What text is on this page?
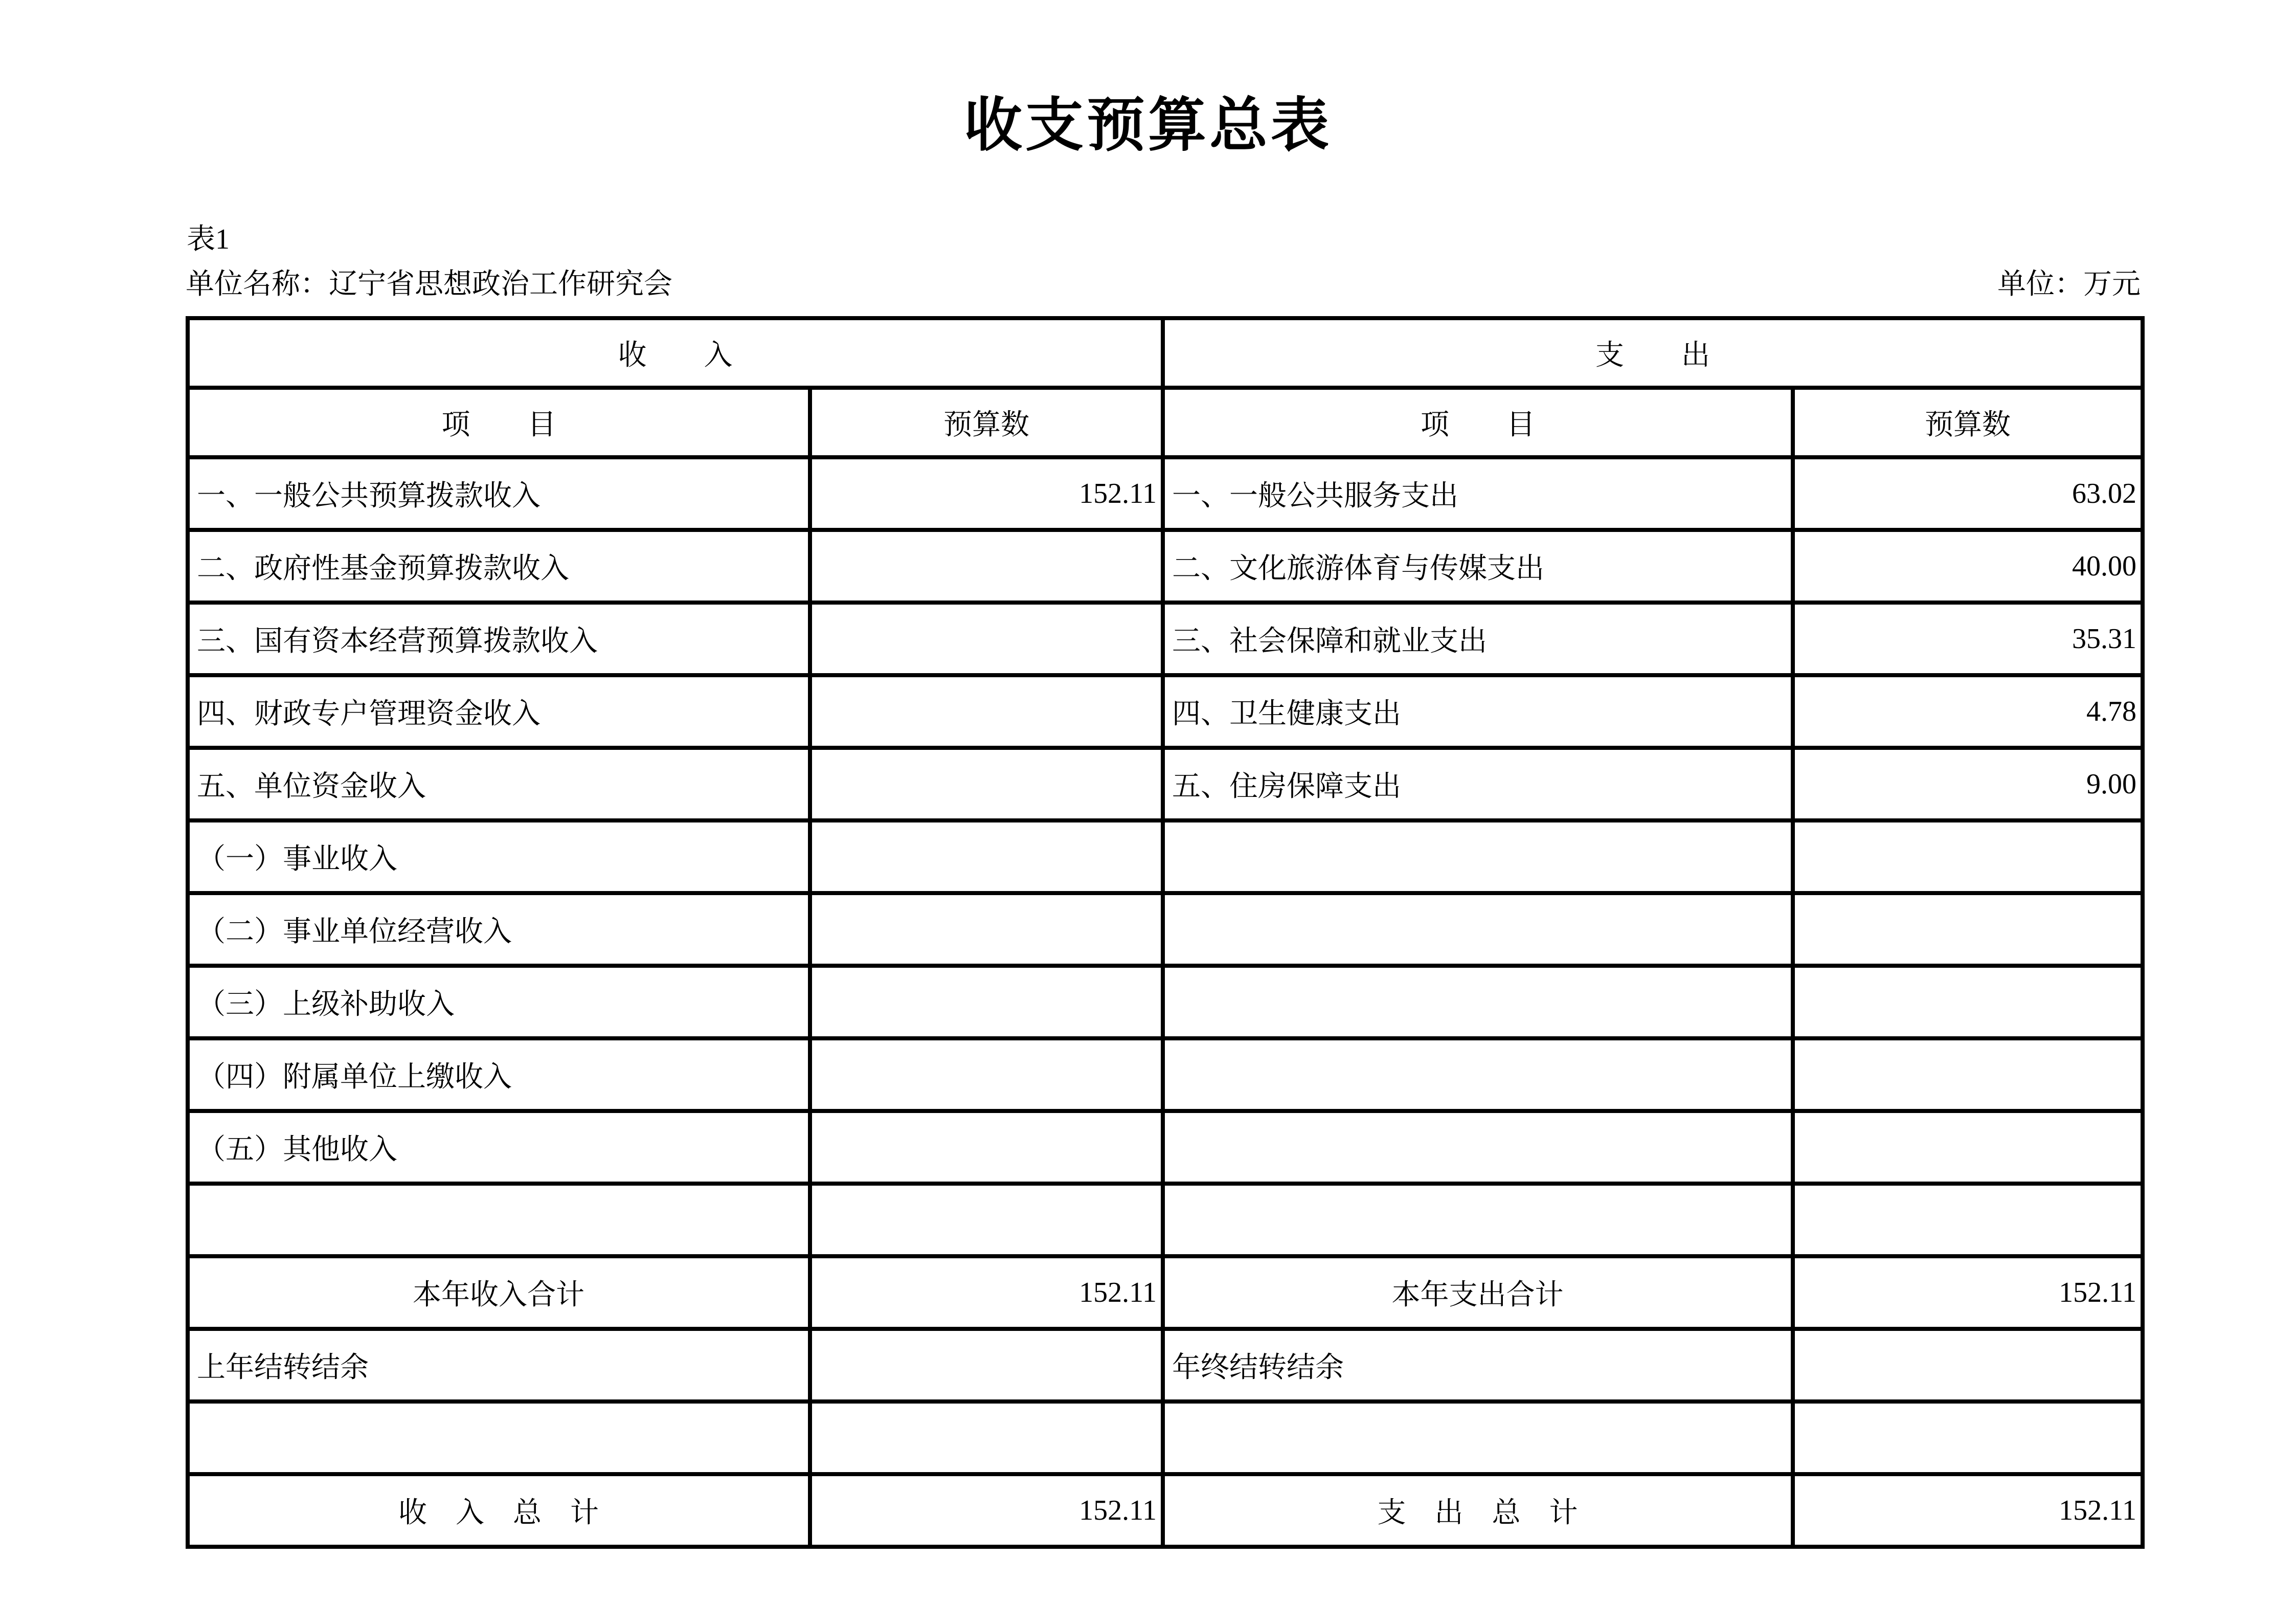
收支预算总表
表1
单位名称：辽宁省思想政治工作研究会	单位：万元
收　　入		支　　出	
项　　目	预算数	项　　目	预算数
一、一般公共预算拨款收入	152.11	一、一般公共服务支出	63.02
二、政府性基金预算拨款收入		二、文化旅游体育与传媒支出	40.00
三、国有资本经营预算拨款收入		三、社会保障和就业支出	35.31
四、财政专户管理资金收入		四、卫生健康支出	4.78
五、单位资金收入		五、住房保障支出	9.00
（一）事业收入			
（二）事业单位经营收入			
（三）上级补助收入			
（四）附属单位上缴收入			
（五）其他收入			

本年收入合计	152.11	本年支出合计	152.11
上年结转结余		年终结转结余	

收　入　总　计	152.11	支　出　总　计	152.11
